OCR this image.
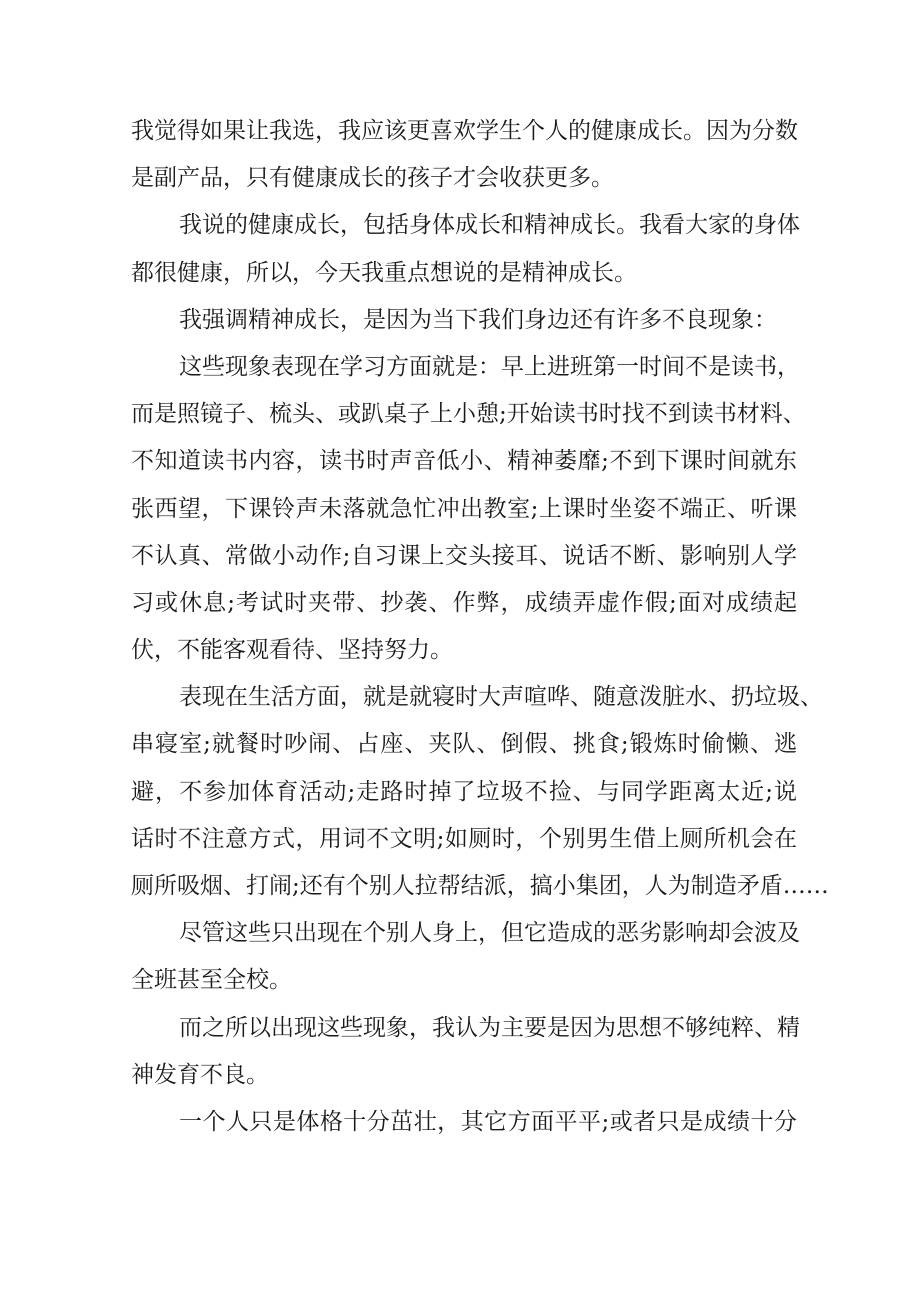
我觉得如果让我选，我应该更喜欢学生个人的健康成长。因为分数
是副产品，只有健康成长的孩子才会收获更多。
我说的健康成长，包括身体成长和精神成长。我看大家的身体
都很健康，所以，今天我重点想说的是精神成长。
我强调精神成长，是因为当下我们身边还有许多不良现象：
这些现象表现在学习方面就是：早上进班第一时间不是读书，
而是照镜子、梳头、或趴桌子上小憩;开始读书时找不到读书材料、
不知道读书内容，读书时声音低小、精神萎靡;不到下课时间就东
张西望，下课铃声未落就急忙冲出教室;上课时坐姿不端正、听课
不认真、常做小动作;自习课上交头接耳、说话不断、影响别人学
习或休息;考试时夹带、抄袭、作弊，成绩弄虚作假;面对成绩起
伏，不能客观看待、坚持努力。
表现在生活方面，就是就寝时大声喧哗、随意泼脏水、扔垃圾、
串寝室;就餐时吵闹、占座、夹队、倒假、挑食;锻炼时偷懒、逃
避，不参加体育活动;走路时掉了垃圾不捡、与同学距离太近;说
话时不注意方式，用词不文明;如厕时，个别男生借上厕所机会在
厕所吸烟、打闹;还有个别人拉帮结派，搞小集团，人为制造矛盾……
尽管这些只出现在个别人身上，但它造成的恶劣影响却会波及
全班甚至全校。
而之所以出现这些现象，我认为主要是因为思想不够纯粹、精
神发育不良。
一个人只是体格十分茁壮，其它方面平平;或者只是成绩十分
